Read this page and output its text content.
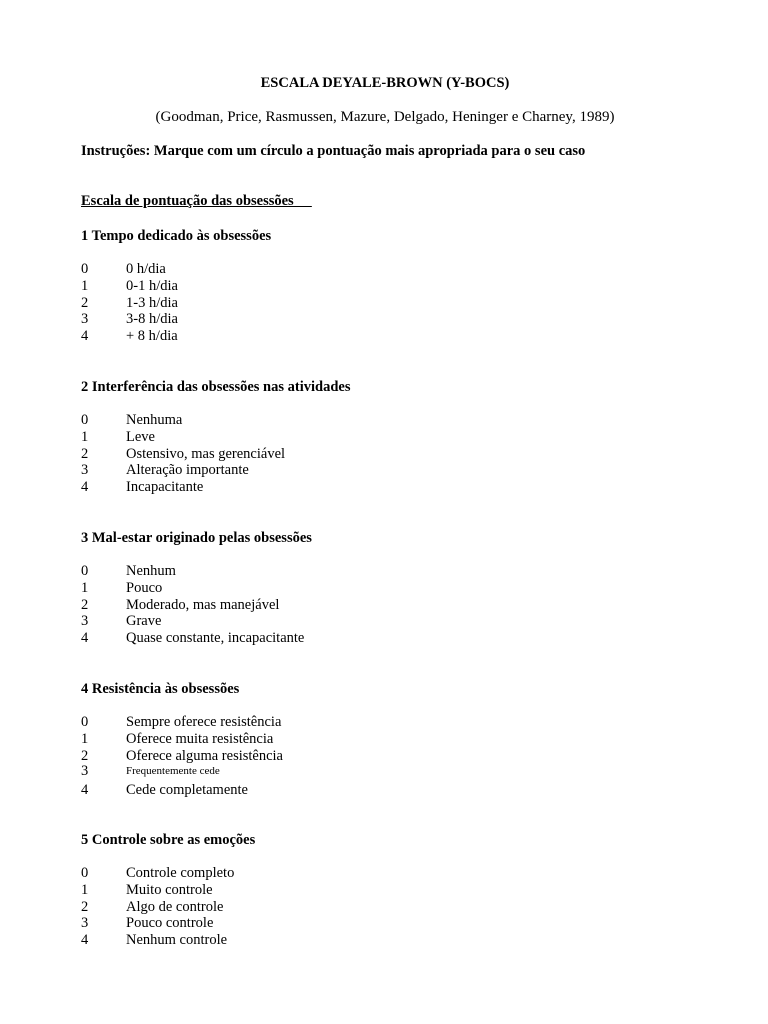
ESCALA DEYALE-BROWN (Y-BOCS)
(Goodman, Price, Rasmussen, Mazure, Delgado, Heninger e Charney, 1989)
Instruções: Marque com um círculo a pontuação mais apropriada para o seu caso
Escala de pontuação das obsessões
1 Tempo dedicado às obsessões
0	0 h/dia
1	0-1 h/dia
2	1-3 h/dia
3	3-8 h/dia
4	+ 8 h/dia
2 Interferência das obsessões nas atividades
0	Nenhuma
1	Leve
2	Ostensivo, mas gerenciável
3	Alteração importante
4	Incapacitante
3 Mal-estar originado pelas obsessões
0	Nenhum
1	Pouco
2	Moderado, mas manejável
3	Grave
4	Quase constante, incapacitante
4 Resistência às obsessões
0	Sempre oferece resistência
1	Oferece muita resistência
2	Oferece alguma resistência
3	Frequentemente cede
4	Cede completamente
5 Controle sobre as emoções
0	Controle completo
1	Muito controle
2	Algo de controle
3	Pouco controle
4	Nenhum controle
